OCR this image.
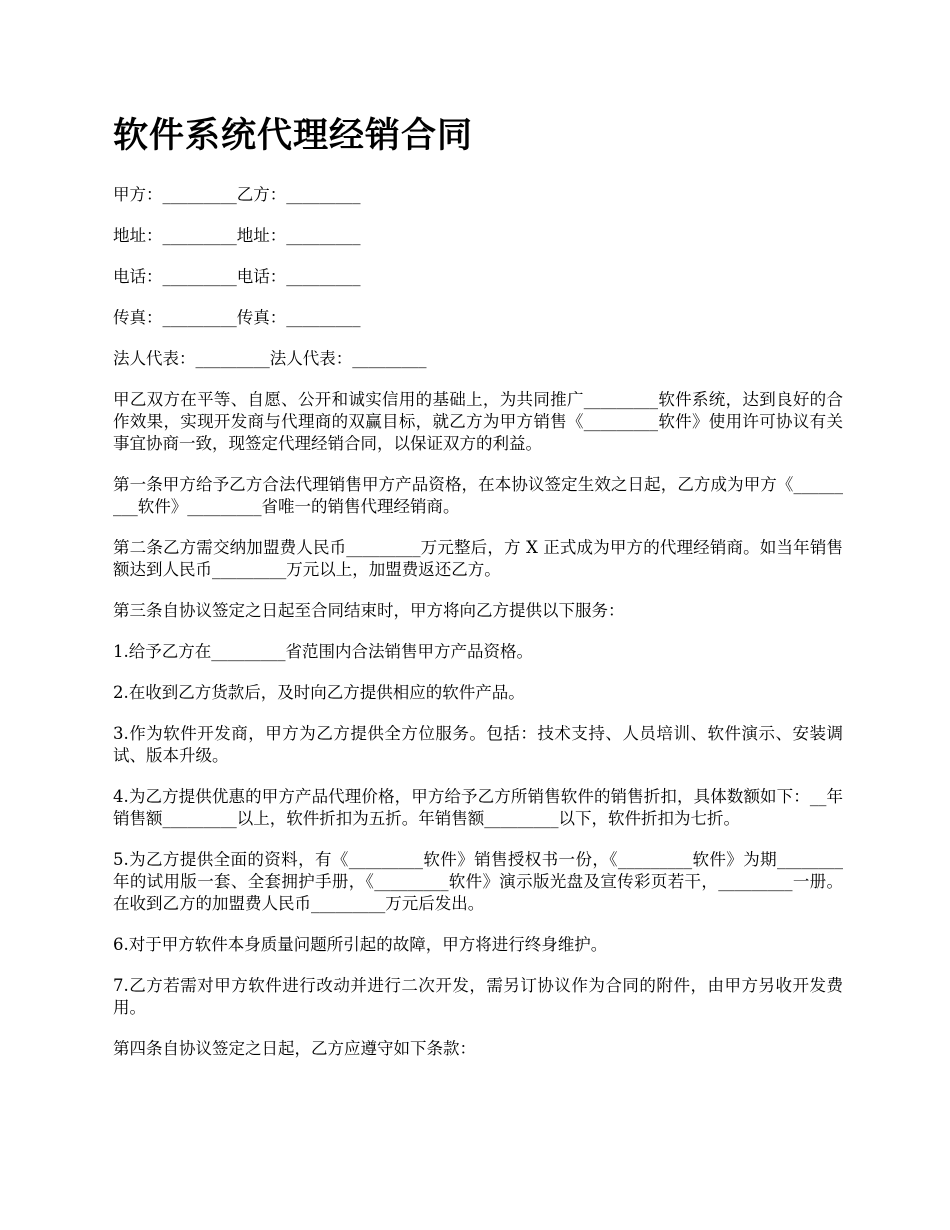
软件系统代理经销合同

甲方：_________乙方：_________

地址：_________地址：_________

电话：_________电话：_________

传真：_________传真：_________

法人代表：_________法人代表：_________

甲乙双方在平等、自愿、公开和诚实信用的基础上，为共同推广_________软件系统，达到良好的合作效果，实现开发商与代理商的双赢目标，就乙方为甲方销售《_________软件》使用许可协议有关事宜协商一致，现签定代理经销合同，以保证双方的利益。

第一条甲方给予乙方合法代理销售甲方产品资格，在本协议签定生效之日起，乙方成为甲方《_________软件》_________省唯一的销售代理经销商。

第二条乙方需交纳加盟费人民币_________万元整后，方 X 正式成为甲方的代理经销商。如当年销售额达到人民币_________万元以上，加盟费返还乙方。

第三条自协议签定之日起至合同结束时，甲方将向乙方提供以下服务：

1.给予乙方在_________省范围内合法销售甲方产品资格。

2.在收到乙方货款后，及时向乙方提供相应的软件产品。

3.作为软件开发商，甲方为乙方提供全方位服务。包括：技术支持、人员培训、软件演示、安装调试、版本升级。

4.为乙方提供优惠的甲方产品代理价格，甲方给予乙方所销售软件的销售折扣，具体数额如下：__年销售额_________以上，软件折扣为五折。年销售额_________以下，软件折扣为七折。

5.为乙方提供全面的资料，有《_________软件》销售授权书一份，《_________软件》为期________年的试用版一套、全套拥护手册，《_________软件》演示版光盘及宣传彩页若干，_________一册。在收到乙方的加盟费人民币_________万元后发出。

6.对于甲方软件本身质量问题所引起的故障，甲方将进行终身维护。

7.乙方若需对甲方软件进行改动并进行二次开发，需另订协议作为合同的附件，由甲方另收开发费用。

第四条自协议签定之日起，乙方应遵守如下条款：
